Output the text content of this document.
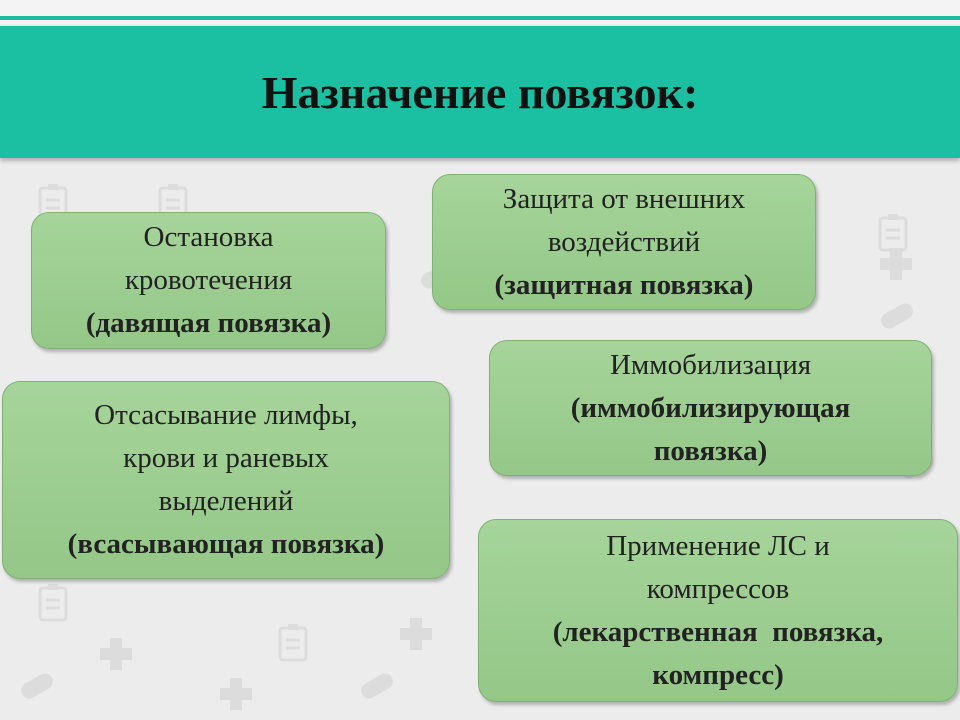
Назначение повязок:
Остановка
кровотечения
(давящая повязка)
Защита от внешних
воздействий
(защитная повязка)
Иммобилизация
(иммобилизирующая
повязка)
Отсасывание лимфы,
крови и раневых
выделений
(всасывающая повязка)	Применение ЛС и
компрессов
(лекарственная  повязка,
компресс)
